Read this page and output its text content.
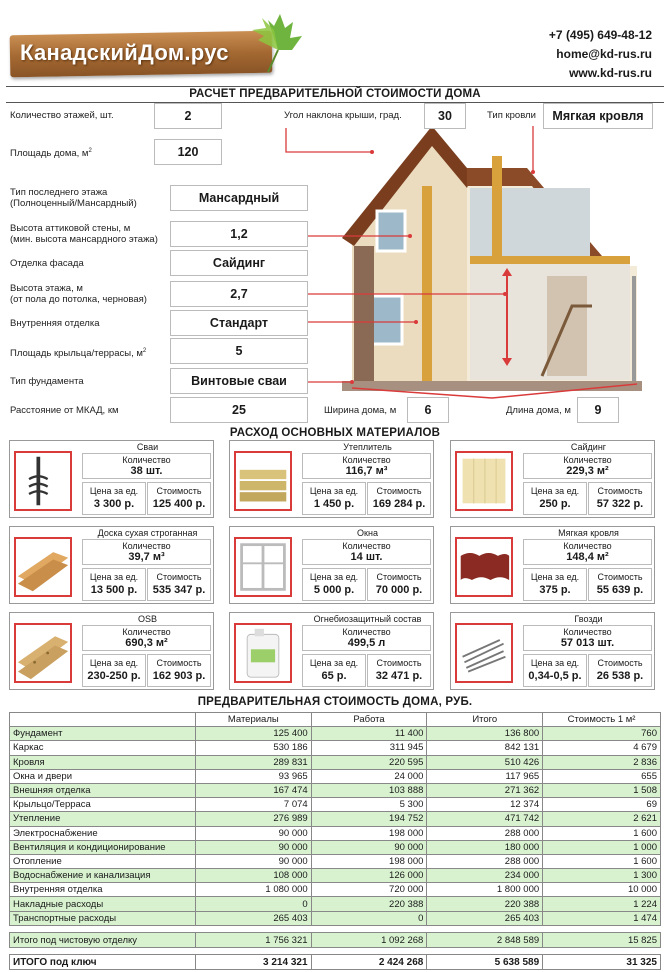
КанадскийДом.рус
+7 (495) 649-48-12
home@kd-rus.ru
www.kd-rus.ru
РАСЧЕТ ПРЕДВАРИТЕЛЬНОЙ СТОИМОСТИ ДОМА
Количество этажей, шт.	2
Площадь дома, $м^2$	120
Угол наклона крыши, град.	30	Тип кровли	Мягкая кровля
Тип последнего этажа
(Полноценный/Мансардный)	Мансардный
Высота аттиковой стены, м
(мин. высота мансардного этажа)	1,2
Отделка фасада	Сайдинг
Высота этажа, м
(от пола до потолка, черновая)	2,7
Внутренняя отделка	Стандарт
Площадь крыльца/террасы, $м^2$	5
Тип фундамента	Винтовые сваи
Расстояние от МКАД, км	25	Ширина дома, м	6	Длина дома, м	9
РАСХОД ОСНОВНЫХ МАТЕРИАЛОВ
Сваи
Количество
38 шт.
Цена за ед.
3 300 р.
Стоимость
125 400 р.
Утеплитель
Количество
116,7 м³
Цена за ед.
1 450 р.
Стоимость
169 284 р.
Сайдинг
Количество
229,3 м²
Цена за ед.
250 р.
Стоимость
57 322 р.
Доска сухая строганная
Количество
39,7 м³
Цена за ед.
13 500 р.
Стоимость
535 347 р.
Окна
Количество
14 шт.
Цена за ед.
5 000 р.
Стоимость
70 000 р.
Мягкая кровля
Количество
148,4 м²
Цена за ед.
375 р.
Стоимость
55 639 р.
OSB
Количество
690,3 м²
Цена за ед.
230-250 р.
Стоимость
162 903 р.
Огнебиозащитный состав
Количество
499,5 л
Цена за ед.
65 р.
Стоимость
32 471 р.
Гвозди
Количество
57 013 шт.
Цена за ед.
0,34-0,5 р.
Стоимость
26 538 р.
ПРЕДВАРИТЕЛЬНАЯ СТОИМОСТЬ ДОМА, РУБ.
	Материалы	Работа	Итого	Стоимость 1 м²
Фундамент	125 400	11 400	136 800	760
Каркас	530 186	311 945	842 131	4 679
Кровля	289 831	220 595	510 426	2 836
Окна и двери	93 965	24 000	117 965	655
Внешняя отделка	167 474	103 888	271 362	1 508
Крыльцо/Терраса	7 074	5 300	12 374	69
Утепление	276 989	194 752	471 742	2 621
Электроснабжение	90 000	198 000	288 000	1 600
Вентиляция и кондиционирование	90 000	90 000	180 000	1 000
Отопление	90 000	198 000	288 000	1 600
Водоснабжение и канализация	108 000	126 000	234 000	1 300
Внутренняя отделка	1 080 000	720 000	1 800 000	10 000
Накладные расходы	0	220 388	220 388	1 224
Транспортные расходы	265 403	0	265 403	1 474
Итого под чистовую отделку	1 756 321	1 092 268	2 848 589	15 825
ИТОГО под ключ	3 214 321	2 424 268	5 638 589	31 325
